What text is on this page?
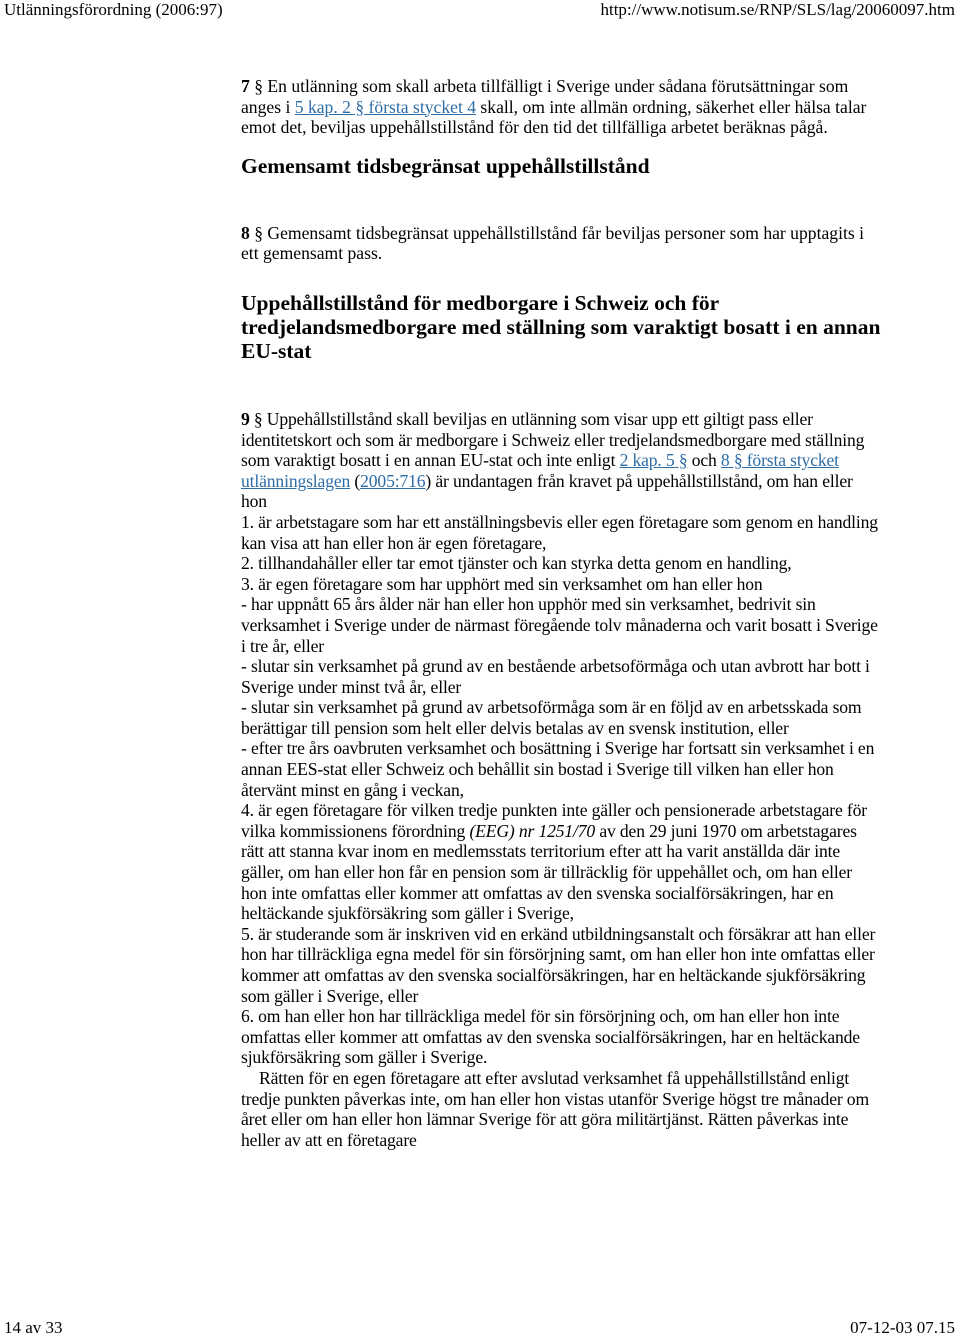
Utlänningsförordning (2006:97)	http://www.notisum.se/RNP/SLS/lag/20060097.htm

7 § En utlänning som skall arbeta tillfälligt i Sverige under sådana förutsättningar som anges i 5 kap. 2 § första stycket 4 skall, om inte allmän ordning, säkerhet eller hälsa talar emot det, beviljas uppehållstillstånd för den tid det tillfälliga arbetet beräknas pågå.

Gemensamt tidsbegränsat uppehållstillstånd

8 § Gemensamt tidsbegränsat uppehållstillstånd får beviljas personer som har upptagits i ett gemensamt pass.

Uppehållstillstånd för medborgare i Schweiz och för tredjelandsmedborgare med ställning som varaktigt bosatt i en annan EU-stat

9 § Uppehållstillstånd skall beviljas en utlänning som visar upp ett giltigt pass eller identitetskort och som är medborgare i Schweiz eller tredjelandsmedborgare med ställning som varaktigt bosatt i en annan EU-stat och inte enligt 2 kap. 5 § och 8 § första stycket utlänningslagen (2005:716) är undantagen från kravet på uppehållstillstånd, om han eller hon

1. är arbetstagare som har ett anställningsbevis eller egen företagare som genom en handling kan visa att han eller hon är egen företagare,

2. tillhandahåller eller tar emot tjänster och kan styrka detta genom en handling,

3. är egen företagare som har upphört med sin verksamhet om han eller hon

- har uppnått 65 års ålder när han eller hon upphör med sin verksamhet, bedrivit sin verksamhet i Sverige under de närmast föregående tolv månaderna och varit bosatt i Sverige i tre år, eller

- slutar sin verksamhet på grund av en bestående arbetsoförmåga och utan avbrott har bott i Sverige under minst två år, eller

- slutar sin verksamhet på grund av arbetsoförmåga som är en följd av en arbetsskada som berättigar till pension som helt eller delvis betalas av en svensk institution, eller

- efter tre års oavbruten verksamhet och bosättning i Sverige har fortsatt sin verksamhet i en annan EES-stat eller Schweiz och behållit sin bostad i Sverige till vilken han eller hon återvänt minst en gång i veckan,

4. är egen företagare för vilken tredje punkten inte gäller och pensionerade arbetstagare för vilka kommissionens förordning (EEG) nr 1251/70 av den 29 juni 1970 om arbetstagares rätt att stanna kvar inom en medlemsstats territorium efter att ha varit anställda där inte gäller, om han eller hon får en pension som är tillräcklig för uppehållet och, om han eller hon inte omfattas eller kommer att omfattas av den svenska socialförsäkringen, har en heltäckande sjukförsäkring som gäller i Sverige,

5. är studerande som är inskriven vid en erkänd utbildningsanstalt och försäkrar att han eller hon har tillräckliga egna medel för sin försörjning samt, om han eller hon inte omfattas eller kommer att omfattas av den svenska socialförsäkringen, har en heltäckande sjukförsäkring som gäller i Sverige, eller

6. om han eller hon har tillräckliga medel för sin försörjning och, om han eller hon inte omfattas eller kommer att omfattas av den svenska socialförsäkringen, har en heltäckande sjukförsäkring som gäller i Sverige.

Rätten för en egen företagare att efter avslutad verksamhet få uppehållstillstånd enligt tredje punkten påverkas inte, om han eller hon vistas utanför Sverige högst tre månader om året eller om han eller hon lämnar Sverige för att göra militärtjänst. Rätten påverkas inte heller av att en företagare

14 av 33	07-12-03 07.15
